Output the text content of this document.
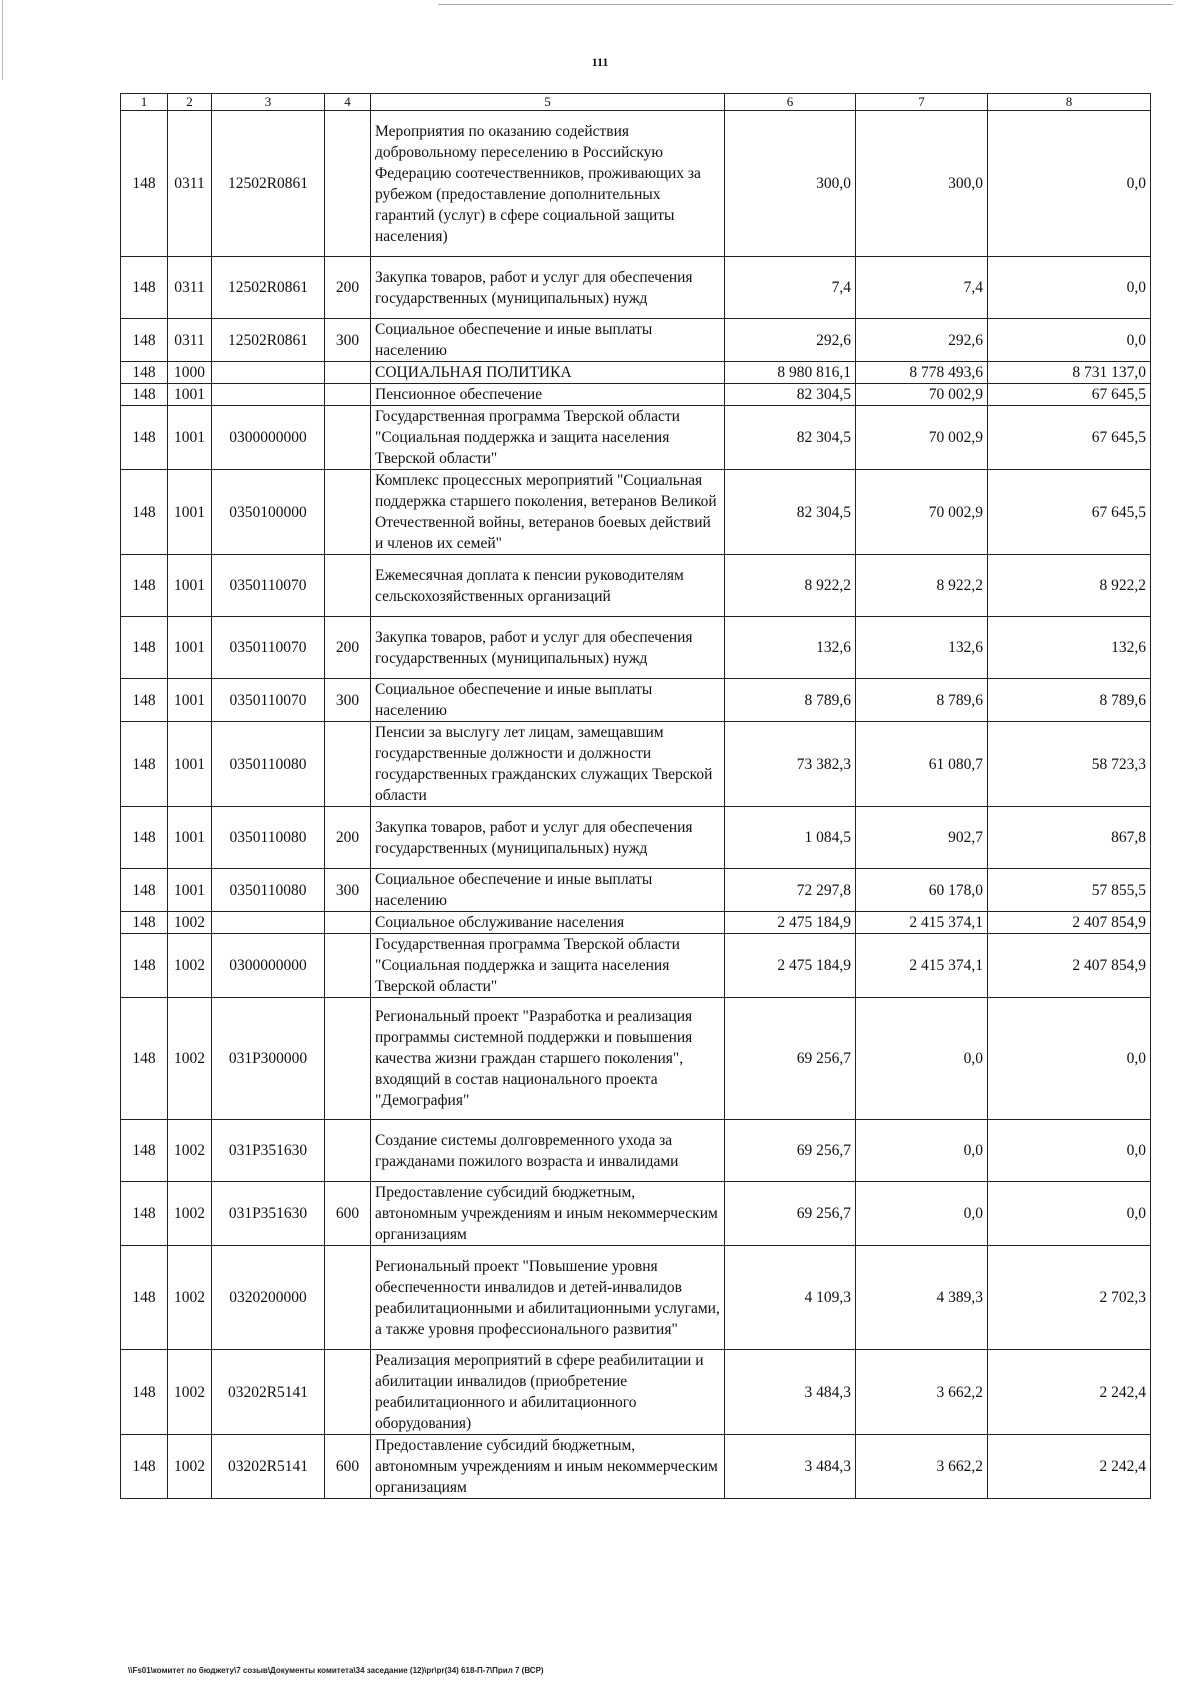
111
1	2	3	4	5	6	7	8
148	0311	12502R0861		Мероприятия по оказанию содействия добровольному переселению в Российскую Федерацию соотечественников, проживающих за рубежом (предоставление дополнительных гарантий (услуг) в сфере социальной защиты населения)	300,0	300,0	0,0
148	0311	12502R0861	200	Закупка товаров, работ и услуг для обеспечения государственных (муниципальных) нужд	7,4	7,4	0,0
148	0311	12502R0861	300	Социальное обеспечение и иные выплаты населению	292,6	292,6	0,0
148	1000			СОЦИАЛЬНАЯ ПОЛИТИКА	8 980 816,1	8 778 493,6	8 731 137,0
148	1001			Пенсионное обеспечение	82 304,5	70 002,9	67 645,5
148	1001	0300000000		Государственная программа Тверской области "Социальная поддержка и защита населения Тверской области"	82 304,5	70 002,9	67 645,5
148	1001	0350100000		Комплекс процессных мероприятий "Социальная поддержка старшего поколения, ветеранов Великой Отечественной войны, ветеранов боевых действий и членов их семей"	82 304,5	70 002,9	67 645,5
148	1001	0350110070		Ежемесячная доплата к пенсии руководителям сельскохозяйственных организаций	8 922,2	8 922,2	8 922,2
148	1001	0350110070	200	Закупка товаров, работ и услуг для обеспечения государственных (муниципальных) нужд	132,6	132,6	132,6
148	1001	0350110070	300	Социальное обеспечение и иные выплаты населению	8 789,6	8 789,6	8 789,6
148	1001	0350110080		Пенсии за выслугу лет лицам, замещавшим государственные должности и должности государственных гражданских служащих Тверской области	73 382,3	61 080,7	58 723,3
148	1001	0350110080	200	Закупка товаров, работ и услуг для обеспечения государственных (муниципальных) нужд	1 084,5	902,7	867,8
148	1001	0350110080	300	Социальное обеспечение и иные выплаты населению	72 297,8	60 178,0	57 855,5
148	1002			Социальное обслуживание населения	2 475 184,9	2 415 374,1	2 407 854,9
148	1002	0300000000		Государственная программа Тверской области "Социальная поддержка и защита населения Тверской области"	2 475 184,9	2 415 374,1	2 407 854,9
148	1002	031P300000		Региональный проект "Разработка и реализация программы системной поддержки и повышения качества жизни граждан старшего поколения", входящий в состав национального проекта "Демография"	69 256,7	0,0	0,0
148	1002	031P351630		Создание системы долговременного ухода за гражданами пожилого возраста и инвалидами	69 256,7	0,0	0,0
148	1002	031P351630	600	Предоставление субсидий бюджетным, автономным учреждениям и иным некоммерческим организациям	69 256,7	0,0	0,0
148	1002	0320200000		Региональный проект "Повышение уровня обеспеченности инвалидов и детей-инвалидов реабилитационными и абилитационными услугами, а также уровня профессионального развития"	4 109,3	4 389,3	2 702,3
148	1002	03202R5141		Реализация мероприятий в сфере реабилитации и абилитации инвалидов (приобретение реабилитационного и абилитационного оборудования)	3 484,3	3 662,2	2 242,4
148	1002	03202R5141	600	Предоставление субсидий бюджетным, автономным учреждениям и иным некоммерческим организациям	3 484,3	3 662,2	2 242,4
\\Fs01\комитет по бюджету\7 созыв\Документы комитета\34 заседание (12)\pr\pr(34) 618-П-7\Прил 7 (ВСР)
